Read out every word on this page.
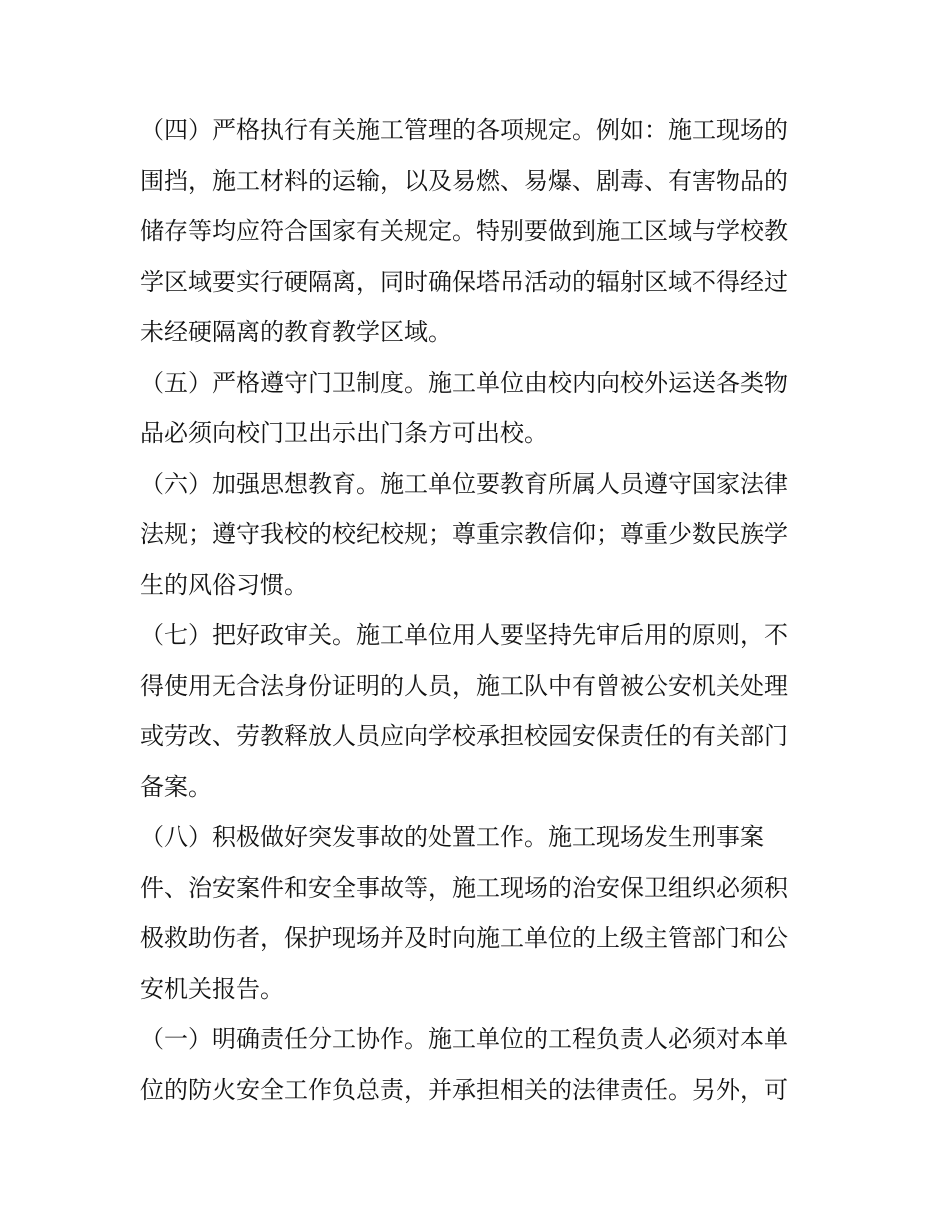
（四）严格执行有关施工管理的各项规定。例如：施工现场的
围挡，施工材料的运输，以及易燃、易爆、剧毒、有害物品的
储存等均应符合国家有关规定。特别要做到施工区域与学校教
学区域要实行硬隔离，同时确保塔吊活动的辐射区域不得经过
未经硬隔离的教育教学区域。
（五）严格遵守门卫制度。施工单位由校内向校外运送各类物
品必须向校门卫出示出门条方可出校。
（六）加强思想教育。施工单位要教育所属人员遵守国家法律
法规；遵守我校的校纪校规；尊重宗教信仰；尊重少数民族学
生的风俗习惯。
（七）把好政审关。施工单位用人要坚持先审后用的原则，不
得使用无合法身份证明的人员，施工队中有曾被公安机关处理
或劳改、劳教释放人员应向学校承担校园安保责任的有关部门
备案。
（八）积极做好突发事故的处置工作。施工现场发生刑事案
件、治安案件和安全事故等，施工现场的治安保卫组织必须积
极救助伤者，保护现场并及时向施工单位的上级主管部门和公
安机关报告。
（一）明确责任分工协作。施工单位的工程负责人必须对本单
位的防火安全工作负总责，并承担相关的法律责任。另外，可
